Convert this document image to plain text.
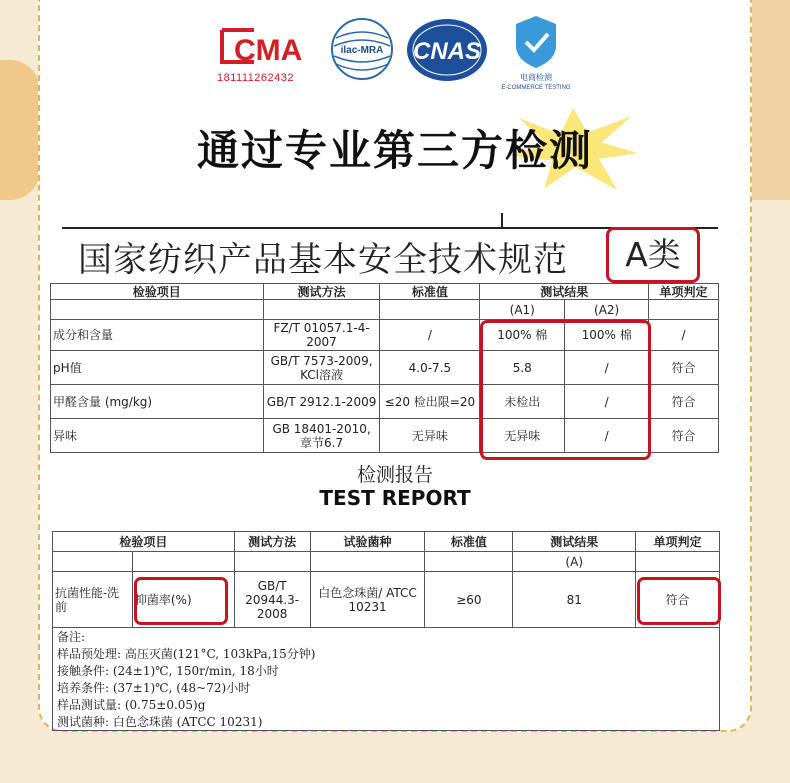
CMA
181111262432
ilac-MRA CNAS
电商检测
E-COMMERCE TESTING
通过专业第三方检测
国家纺织产品基本安全技术规范	A类
检验项目	测试方法	标准值	测试结果		单项判定
			(A1)	(A2)	
成分和含量	FZ/T 01057.1-4-2007	/	100% 棉	100% 棉	/
pH值	GB/T 7573-2009, KCl溶液	4.0-7.5	5.8	/	符合
甲醛含量 (mg/kg)	GB/T 2912.1-2009	≤20 检出限=20	未检出	/	符合
异味	GB 18401-2010, 章节6.7	无异味	无异味	/	符合
检测报告
TEST REPORT
检验项目		测试方法	试验菌种	标准值	测试结果	单项判定
					(A)	
抗菌性能-洗前	抑菌率(%)	GB/T 20944.3-2008	白色念珠菌/ ATCC 10231	≥60	81	符合
备注:
样品预处理: 高压灭菌(121°C, 103kPa,15分钟)
接触条件: (24±1)℃, 150r/min, 18小时
培养条件: (37±1)℃, (48~72)小时
样品测试量: (0.75±0.05)g
测试菌种: 白色念珠菌 (ATCC 10231)
